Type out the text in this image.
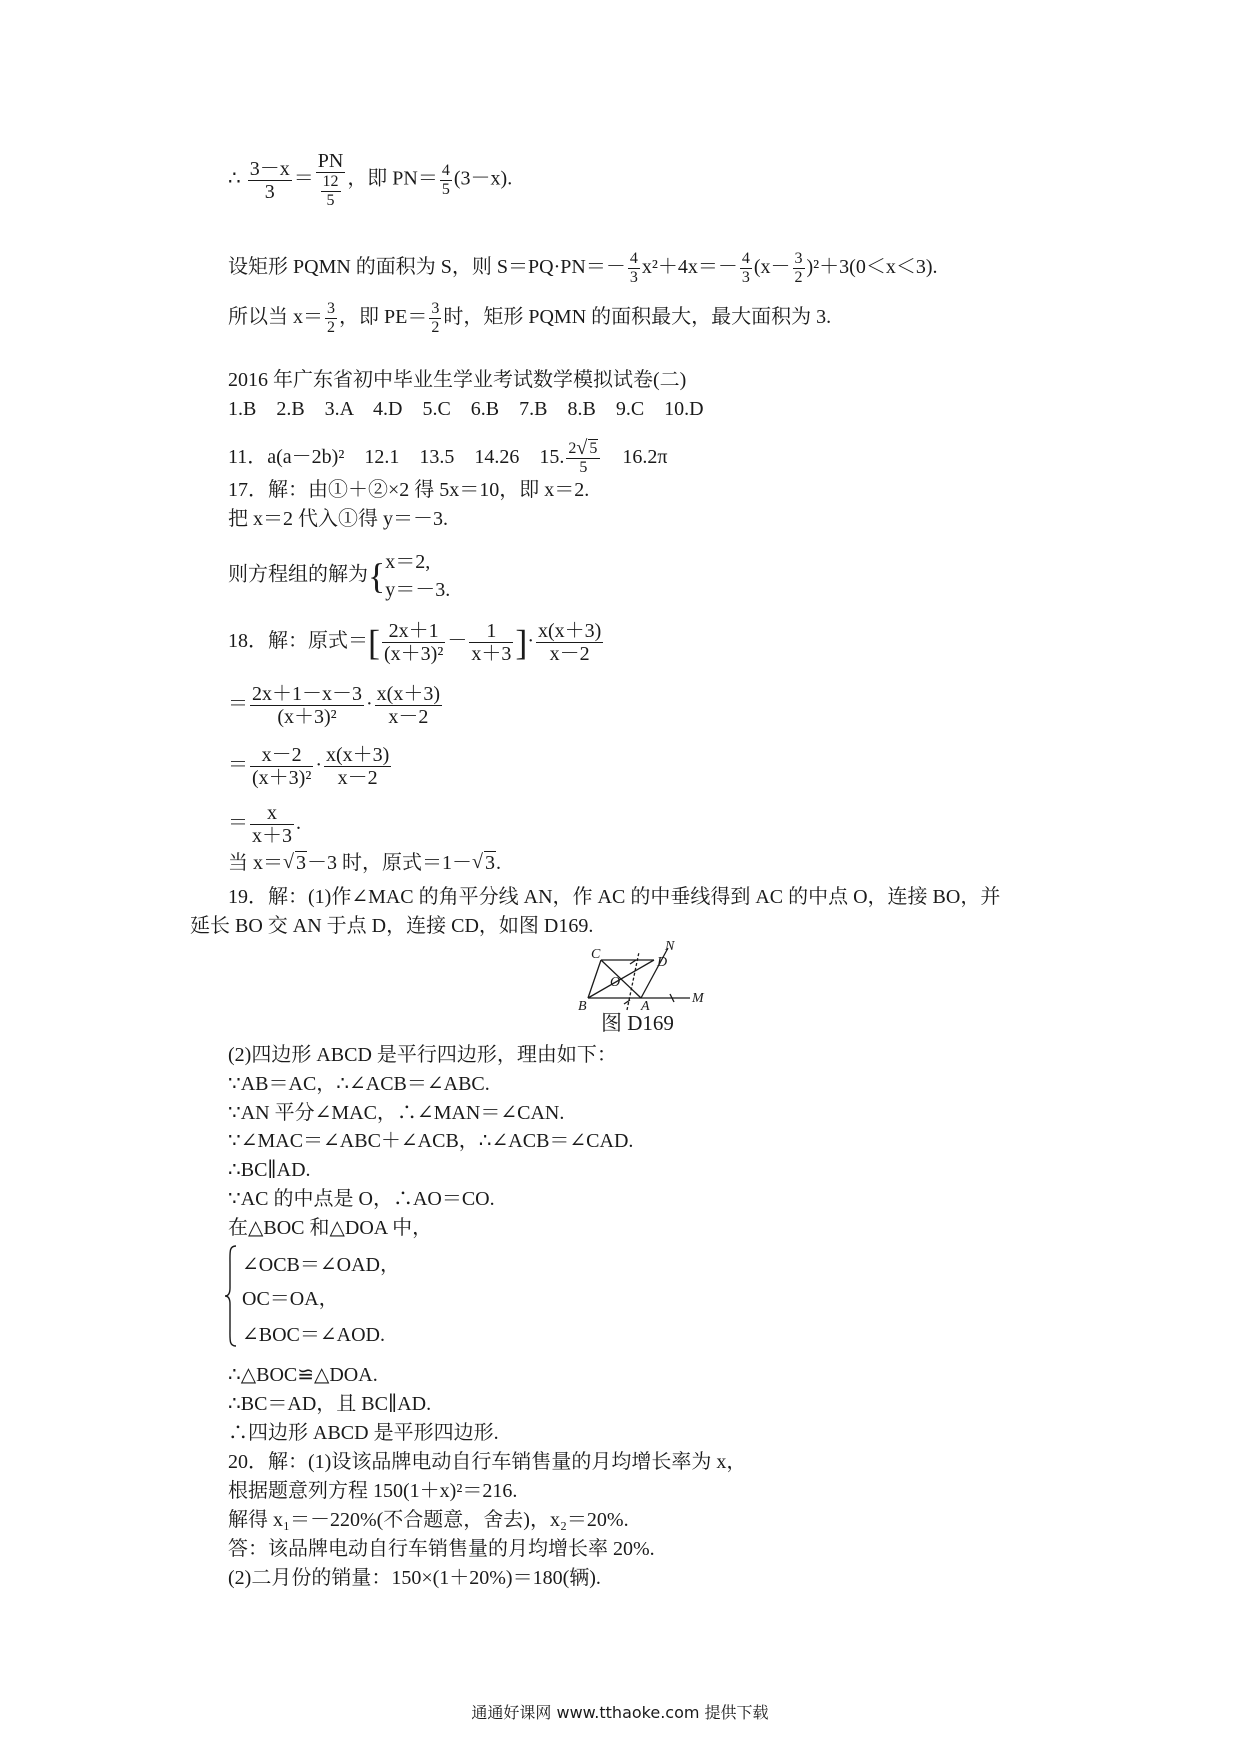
∴ $\frac{3-x}{3} = \frac{PN}{\frac{12}{5}}$ ，即 $PN= \frac{4}{5} (3-x)$.
设矩形 PQMN 的面积为 S，则 $S=PQ\cdot PN=- \frac{4}{3} x^2+4x=- \frac{4}{3} (x- \frac{3}{2} )^2+3(0<x<3)$.
所以当 $x= \frac{3}{2}$ ，即 $PE= \frac{3}{2}$ 时，矩形 PQMN 的面积最大，最大面积为 3.
2016 年广东省初中毕业生学业考试数学模拟试卷(二)
1.B　2.B　3.A　4.D　5.C　6.B　7.B　8.B　9.C　10.D
11．a(a－2b)²　12.1　13.5　14.26　15. $\frac{2 √ 5}{5}$ 　16.2π
17．解：由①＋②×2 得 5x＝10，即 x＝2.
把 x＝2 代入①得 y＝－3.
则方程组的解为{ x＝2,
y＝－3.
18．解：原式＝[ $\frac{2x+1}{\text{(x＋3)²}} - \frac{1}{x+3}$ ]· $\frac{x(x+3)}{x-2}$
＝ $\frac{2x+1-x-3}{\text{(x＋3)²}} \cdot \frac{x(x+3)}{x-2}$
＝ $\frac{x-2}{\text{(x＋3)²}} \cdot \frac{x(x+3)}{x-2}$
＝ $\frac{x}{x+3}$ .
当 x＝ √ 3－3 时，原式＝1－ √ 3.
19．解：(1)作∠MAC 的角平分线 AN，作 AC 的中垂线得到 AC 的中点 O，连接 BO，并
延长 BO 交 AN 于点 D，连接 CD，如图 D169.
C
D
N
O
M
B	A
图 D169
(2)四边形 ABCD 是平行四边形，理由如下：
∵AB＝AC，∴∠ACB＝∠ABC.
∵AN 平分∠MAC，∴∠MAN＝∠CAN.
∵∠MAC＝∠ABC＋∠ACB，∴∠ACB＝∠CAD.
∴BC∥AD.
∵AC 的中点是 O，∴AO＝CO.
在△BOC 和△DOA 中，
∠OCB＝∠OAD，
OC＝OA，
∠BOC＝∠AOD.
∴△BOC≌△DOA.
∴BC＝AD，且 BC∥AD.
∴四边形 ABCD 是平形四边形.
20．解：(1)设该品牌电动自行车销售量的月均增长率为 x，
根据题意列方程 150(1＋x)²＝216.
解得 x₁＝－220%(不合题意，舍去)，x₂＝20%.
答：该品牌电动自行车销售量的月均增长率 20%.
(2)二月份的销量：150×(1＋20%)＝180(辆).
通通好课网 www.tthaoke.com 提供下载
